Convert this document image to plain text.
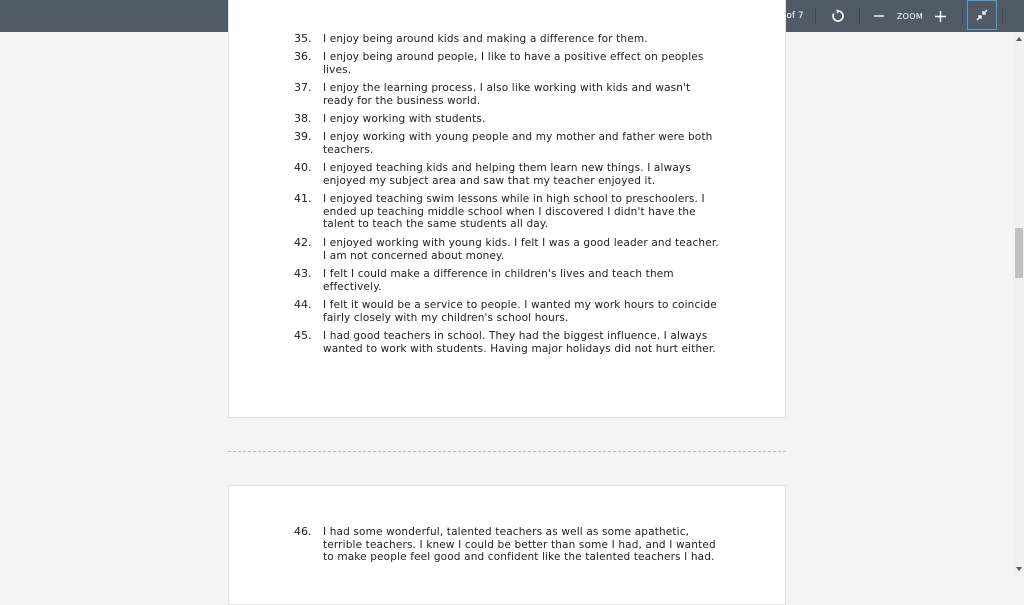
3
of 7	ZOOM
35. I enjoy being around kids and making a difference for them.
36. I enjoy being around people, I like to have a positive effect on peoples lives.
37. I enjoy the learning process. I also like working with kids and wasn't ready for the business world.
38. I enjoy working with students.
39. I enjoy working with young people and my mother and father were both teachers.
40. I enjoyed teaching kids and helping them learn new things. I always enjoyed my subject area and saw that my teacher enjoyed it.
41. I enjoyed teaching swim lessons while in high school to preschoolers. I ended up teaching middle school when I discovered I didn't have the talent to teach the same students all day.
42. I enjoyed working with young kids. I felt I was a good leader and teacher. I am not concerned about money.
43. I felt I could make a difference in children's lives and teach them effectively.
44. I felt it would be a service to people. I wanted my work hours to coincide fairly closely with my children's school hours.
45. I had good teachers in school. They had the biggest influence. I always wanted to work with students. Having major holidays did not hurt either.
46. I had some wonderful, talented teachers as well as some apathetic, terrible teachers. I knew I could be better than some I had, and I wanted to make people feel good and confident like the talented teachers I had.
